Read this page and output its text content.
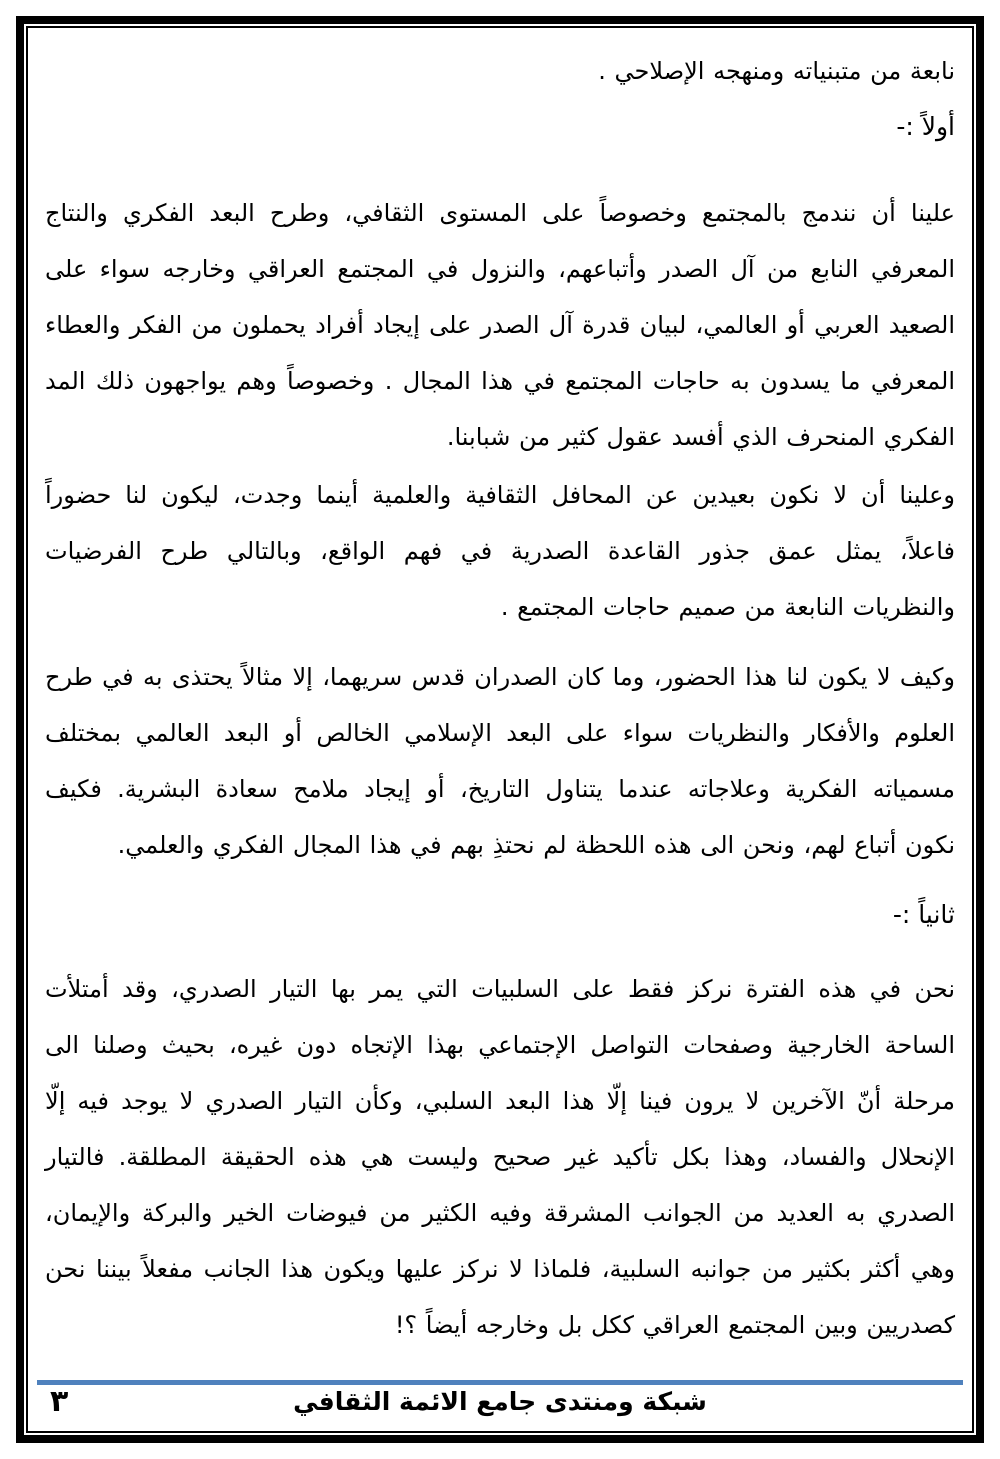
نابعة من متبنياته ومنهجه الإصلاحي .

أولاً :-

علينا أن نندمج بالمجتمع وخصوصاً على المستوى الثقافي، وطرح البعد الفكري والنتاج

المعرفي النابع من آل الصدر وأتباعهم، والنزول في المجتمع العراقي وخارجه سواء على

الصعيد العربي أو العالمي، لبيان قدرة آل الصدر على إيجاد أفراد يحملون من الفكر والعطاء

المعرفي ما يسدون به حاجات المجتمع في هذا المجال . وخصوصاً وهم يواجهون ذلك المد

الفكري المنحرف الذي أفسد عقول كثير من شبابنا.

وعلينا أن لا نكون بعيدين عن المحافل الثقافية والعلمية أينما وجدت، ليكون لنا حضوراً

فاعلاً، يمثل عمق جذور القاعدة الصدرية في فهم الواقع، وبالتالي طرح الفرضيات

والنظريات النابعة من صميم حاجات المجتمع .

وكيف لا يكون لنا هذا الحضور، وما كان الصدران قدس سريهما، إلا مثالاً يحتذى به في طرح

العلوم والأفكار والنظريات سواء على البعد الإسلامي الخالص أو البعد العالمي بمختلف

مسمياته الفكرية وعلاجاته عندما يتناول التاريخ، أو إيجاد ملامح سعادة البشرية. فكيف

نكون أتباع لهم، ونحن الى هذه اللحظة لم نحتذِ بهم في هذا المجال الفكري والعلمي.

ثانياً :-

نحن في هذه الفترة نركز فقط على السلبيات التي يمر بها التيار الصدري، وقد أمتلأت

الساحة الخارجية وصفحات التواصل الإجتماعي بهذا الإتجاه دون غيره، بحيث وصلنا الى

مرحلة أنّ الآخرين لا يرون فينا إلّا هذا البعد السلبي، وكأن التيار الصدري لا يوجد فيه إلّا

الإنحلال والفساد، وهذا بكل تأكيد غير صحيح وليست هي هذه الحقيقة المطلقة. فالتيار

الصدري به العديد من الجوانب المشرقة وفيه الكثير من فيوضات الخير والبركة والإيمان،

وهي أكثر بكثير من جوانبه السلبية، فلماذا لا نركز عليها ويكون هذا الجانب مفعلاً بيننا نحن

كصدريين وبين المجتمع العراقي ككل بل وخارجه أيضاً ؟!

شبكة ومنتدى جامع الائمة الثقافي
٣
